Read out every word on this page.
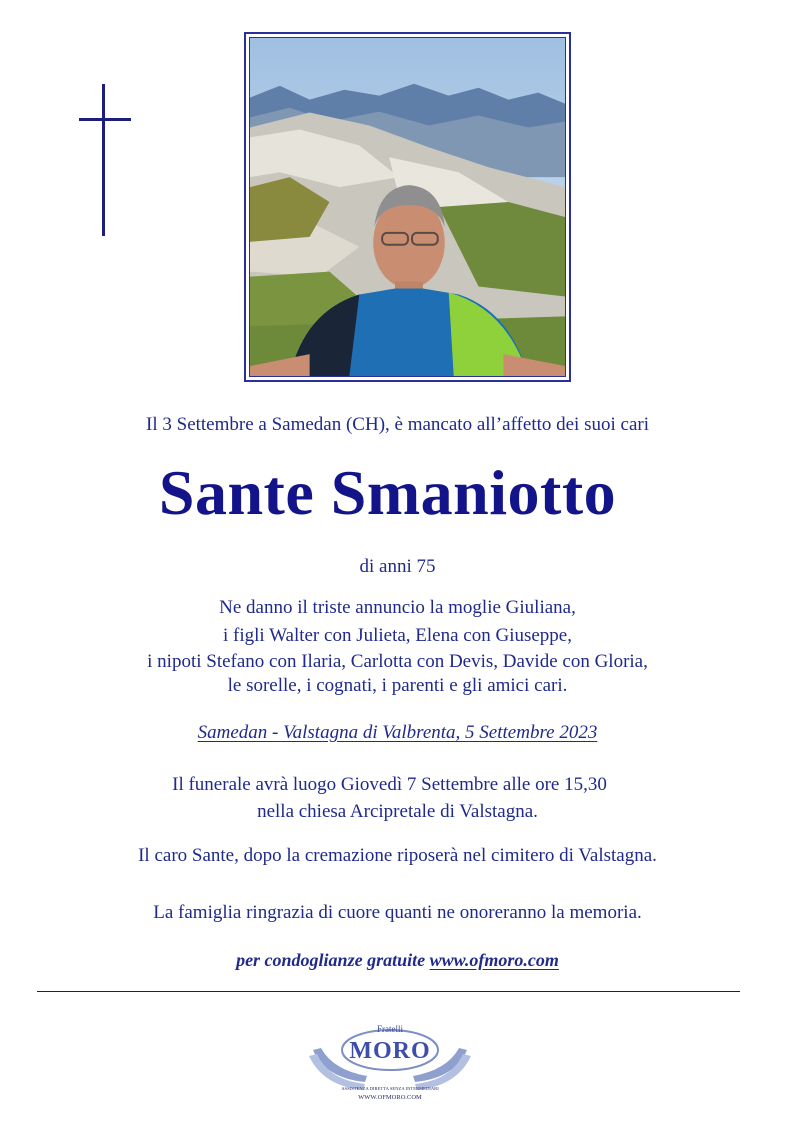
Il 3 Settembre a Samedan (CH), è mancato all’affetto dei suoi cari
Sante Smaniotto
di anni 75
Ne danno il triste annuncio la moglie Giuliana,
i figli Walter con Julieta, Elena con Giuseppe,
i nipoti Stefano con Ilaria, Carlotta con Devis, Davide con Gloria,
le sorelle, i cognati, i parenti e gli amici cari.
Samedan - Valstagna di Valbrenta, 5 Settembre 2023
Il funerale avrà luogo Giovedì 7 Settembre alle ore 15,30
nella chiesa Arcipretale di Valstagna.
Il caro Sante, dopo la cremazione riposerà nel cimitero di Valstagna.
La famiglia ringrazia di cuore quanti ne onoreranno la memoria.
per condoglianze gratuite www.ofmoro.com
Fratelli
MORO
ASSISTENZA DIRETTA SENZA INTERMEDIARI
WWW.OFMORO.COM
